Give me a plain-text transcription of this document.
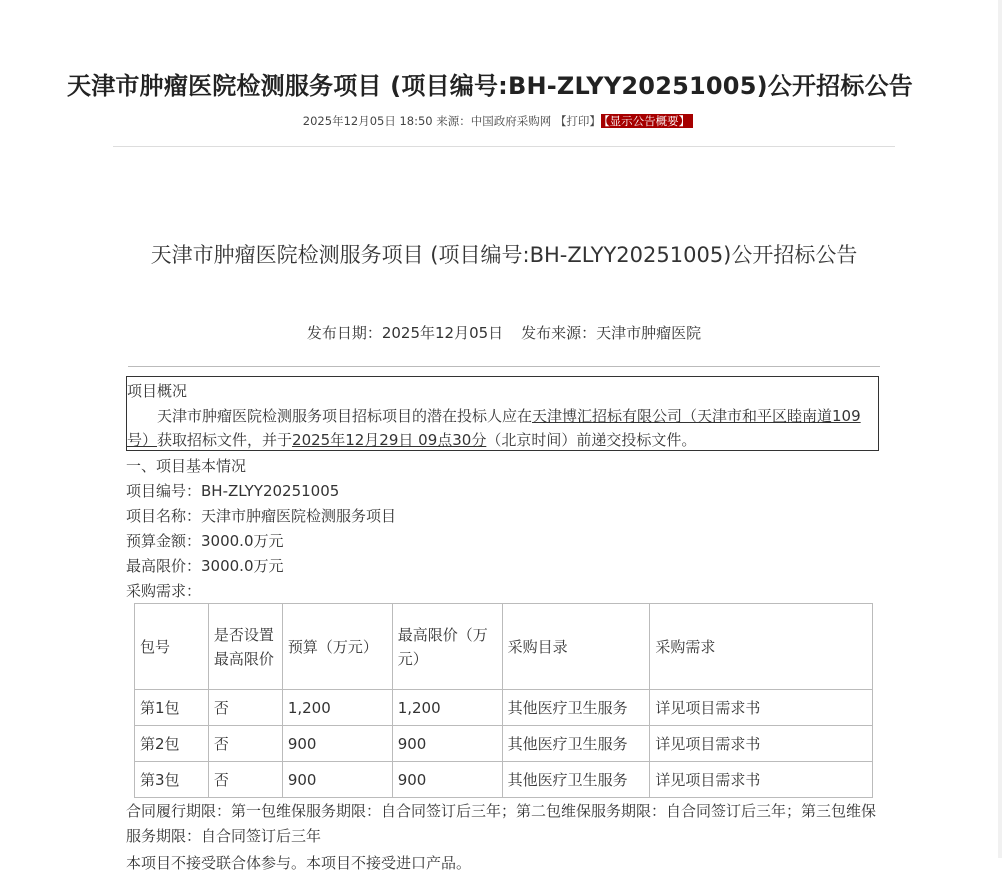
天津市肿瘤医院检测服务项目 (项目编号:BH-ZLYY20251005)公开招标公告
2025年12月05日 18:50 来源：中国政府采购网 【打印】 【显示公告概要】
天津市肿瘤医院检测服务项目 (项目编号:BH-ZLYY20251005)公开招标公告
发布日期：2025年12月05日 发布来源：天津市肿瘤医院
项目概况
天津市肿瘤医院检测服务项目招标项目的潜在投标人应在天津博汇招标有限公司（天津市和平区睦南道109号）获取招标文件，并于2025年12月29日 09点30分（北京时间）前递交投标文件。
一、项目基本情况
项目编号：BH-ZLYY20251005
项目名称：天津市肿瘤医院检测服务项目
预算金额：3000.0万元
最高限价：3000.0万元
采购需求：
包号	是否设置最高限价	预算（万元）	最高限价（万元）	采购目录	采购需求
第1包	否	1,200	1,200	其他医疗卫生服务	详见项目需求书
第2包	否	900	900	其他医疗卫生服务	详见项目需求书
第3包	否	900	900	其他医疗卫生服务	详见项目需求书
合同履行期限：第一包维保服务期限：自合同签订后三年；第二包维保服务期限：自合同签订后三年；第三包维保服务期限：自合同签订后三年
本项目不接受联合体参与。本项目不接受进口产品。
